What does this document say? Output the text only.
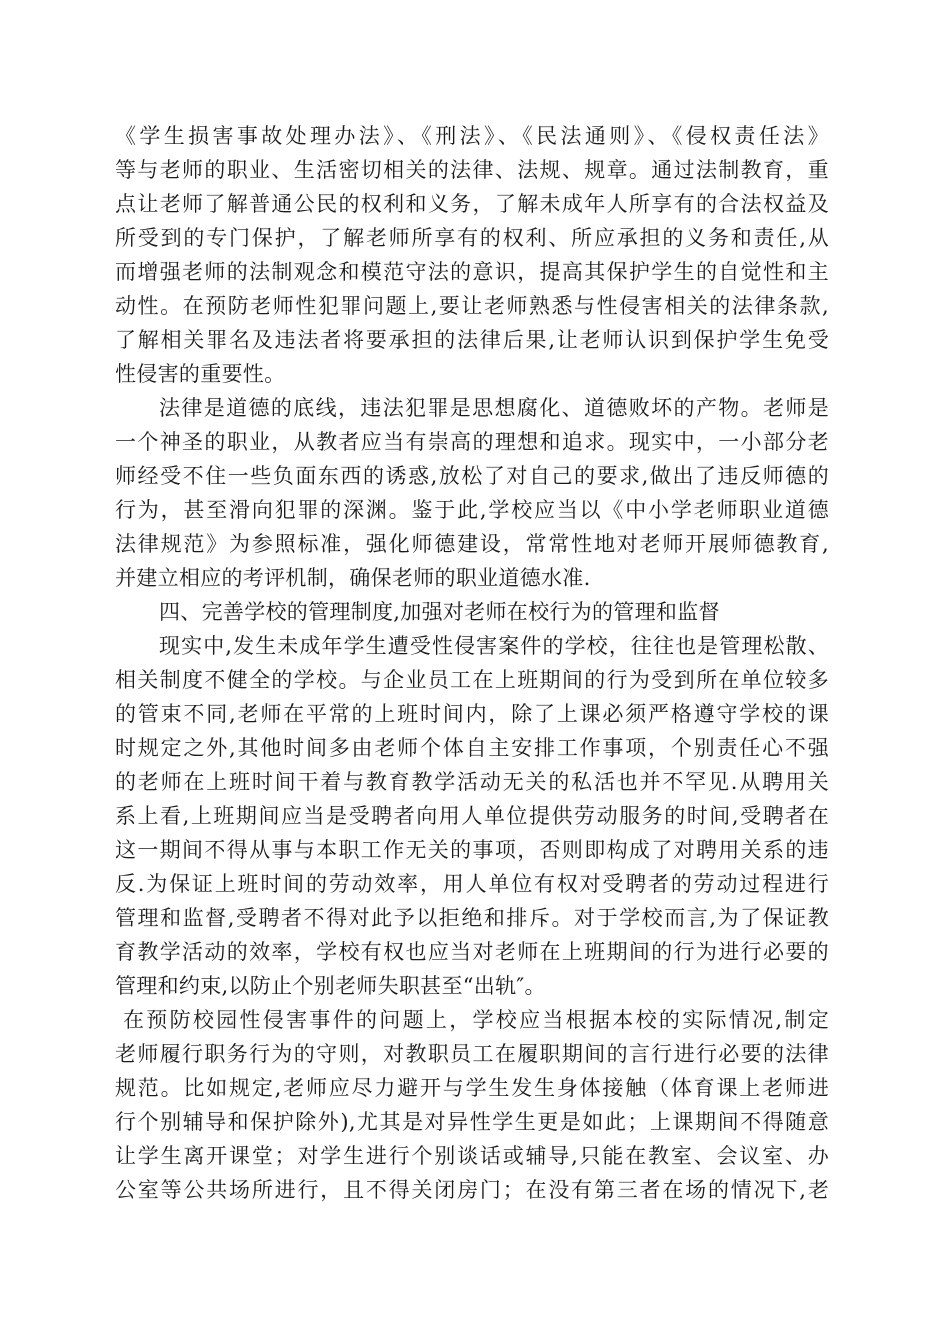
《学生损害事故处理办法》、《刑法》、《民法通则》、《侵权责任法》
等与老师的职业、生活密切相关的法律、法规、规章。通过法制教育，重
点让老师了解普通公民的权利和义务，了解未成年人所享有的合法权益及
所受到的专门保护，了解老师所享有的权利、所应承担的义务和责任,从
而增强老师的法制观念和模范守法的意识，提高其保护学生的自觉性和主
动性。在预防老师性犯罪问题上,要让老师熟悉与性侵害相关的法律条款,
了解相关罪名及违法者将要承担的法律后果,让老师认识到保护学生免受
性侵害的重要性。
法律是道德的底线，违法犯罪是思想腐化、道德败坏的产物。老师是
一个神圣的职业，从教者应当有崇高的理想和追求。现实中，一小部分老
师经受不住一些负面东西的诱惑,放松了对自己的要求,做出了违反师德的
行为，甚至滑向犯罪的深渊。鉴于此,学校应当以《中小学老师职业道德
法律规范》为参照标准，强化师德建设，常常性地对老师开展师德教育,
并建立相应的考评机制，确保老师的职业道德水准.
四、完善学校的管理制度,加强对老师在校行为的管理和监督
现实中,发生未成年学生遭受性侵害案件的学校，往往也是管理松散、
相关制度不健全的学校。与企业员工在上班期间的行为受到所在单位较多
的管束不同,老师在平常的上班时间内，除了上课必须严格遵守学校的课
时规定之外,其他时间多由老师个体自主安排工作事项，个别责任心不强
的老师在上班时间干着与教育教学活动无关的私活也并不罕见.从聘用关
系上看,上班期间应当是受聘者向用人单位提供劳动服务的时间,受聘者在
这一期间不得从事与本职工作无关的事项，否则即构成了对聘用关系的违
反.为保证上班时间的劳动效率，用人单位有权对受聘者的劳动过程进行
管理和监督,受聘者不得对此予以拒绝和排斥。对于学校而言,为了保证教
育教学活动的效率，学校有权也应当对老师在上班期间的行为进行必要的
管理和约束,以防止个别老师失职甚至“出轨″。
在预防校园性侵害事件的问题上，学校应当根据本校的实际情况,制定
老师履行职务行为的守则，对教职员工在履职期间的言行进行必要的法律
规范。比如规定,老师应尽力避开与学生发生身体接触（体育课上老师进
行个别辅导和保护除外),尤其是对异性学生更是如此；上课期间不得随意
让学生离开课堂；对学生进行个别谈话或辅导,只能在教室、会议室、办
公室等公共场所进行，且不得关闭房门；在没有第三者在场的情况下,老
